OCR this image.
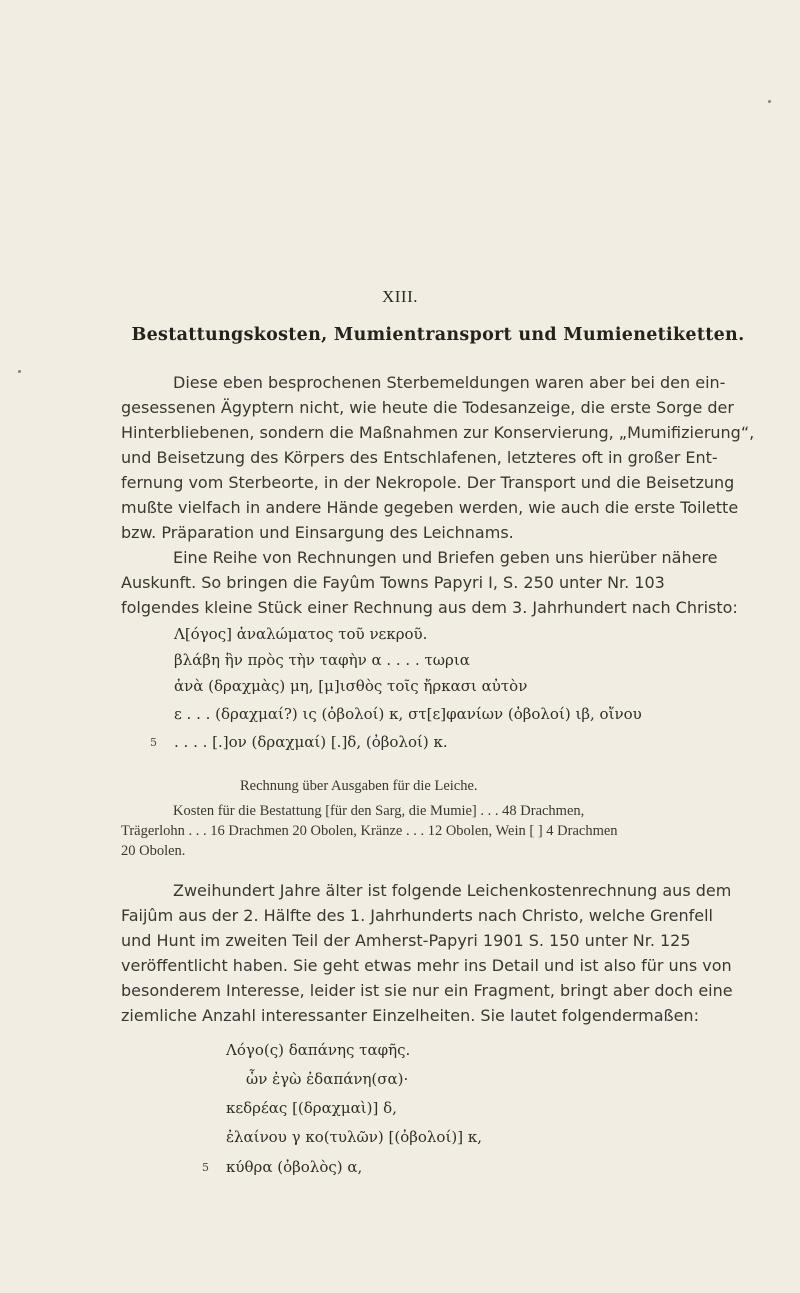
XIII.
Bestattungskosten, Mumientransport und Mumienetiketten.
Diese eben besprochenen Sterbemeldungen waren aber bei den ein-
gesessenen Ägyptern nicht, wie heute die Todesanzeige, die erste Sorge der
Hinterbliebenen, sondern die Maßnahmen zur Konservierung, „Mumifizierung“,
und Beisetzung des Körpers des Entschlafenen, letzteres oft in großer Ent-
fernung vom Sterbeorte, in der Nekropole. Der Transport und die Beisetzung
mußte vielfach in andere Hände gegeben werden, wie auch die erste Toilette
bzw. Präparation und Einsargung des Leichnams.
Eine Reihe von Rechnungen und Briefen geben uns hierüber nähere
Auskunft. So bringen die Fayûm Towns Papyri I, S. 250 unter Nr. 103
folgendes kleine Stück einer Rechnung aus dem 3. Jahrhundert nach Christo:
Λ[όγος] ἀναλώματος τοῦ νεκροῦ.
βλάβη ἣν πρὸς τὴν ταφὴν α . . . . τωρια
ἀνὰ (δραχμὰς) μη, [μ]ισθὸς τοῖς ἤρκασι αὐτὸν
ε . . . (δραχμαί?) ις (ὀβολοί) κ, στ[ε]φανίων (ὀβολοί) ιβ, οἴνου
5 . . . . [.]ον (δραχμαί) [.]δ, (ὀβολοί) κ.
Rechnung über Ausgaben für die Leiche.
Kosten für die Bestattung [für den Sarg, die Mumie] . . . 48 Drachmen,
Trägerlohn . . . 16 Drachmen 20 Obolen, Kränze . . . 12 Obolen, Wein [ ] 4 Drachmen
20 Obolen.
Zweihundert Jahre älter ist folgende Leichenkostenrechnung aus dem
Faijûm aus der 2. Hälfte des 1. Jahrhunderts nach Christo, welche Grenfell
und Hunt im zweiten Teil der Amherst-Papyri 1901 S. 150 unter Nr. 125
veröffentlicht haben. Sie geht etwas mehr ins Detail und ist also für uns von
besonderem Interesse, leider ist sie nur ein Fragment, bringt aber doch eine
ziemliche Anzahl interessanter Einzelheiten. Sie lautet folgendermaßen:
Λόγο(ς) δαπάνης ταφῆς.
ὧν ἐγὼ ἐδαπάνη(σα)·
κεδρέας [(δραχμαὶ)] δ,
ἐλαίνου γ κο(τυλῶν) [(ὀβολοί)] κ,
5 κύθρα (ὀβολὸς) α,
